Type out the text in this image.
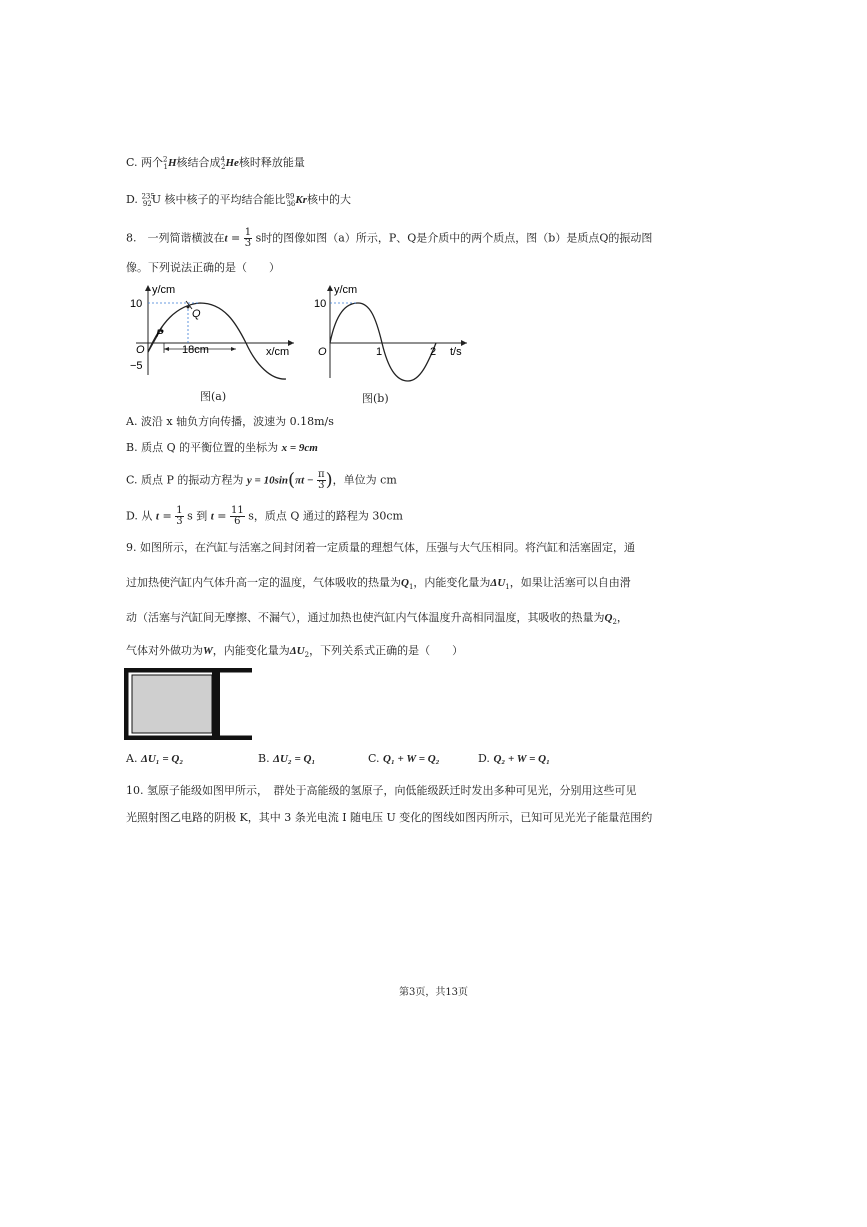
C. 两个$^2_1$H核结合成$^4_2$He核时释放能量
D. $^{235}_{92}$U 核中核子的平均结合能比$^{89}_{36}$Kr核中的大
8.　一列简谐横波在$t = \frac{1}{3}$ s时的图像如图（a）所示，P、Q是介质中的两个质点，图（b）是质点Q的振动图
像。下列说法正确的是（　　）
y/cm
10
−5
O
P
Q
18cm	x/cm
图(a)
y/cm
10
O	1	2 t/s
图(b)
A. 波沿 x 轴负方向传播，波速为 0.18m/s
B. 质点 Q 的平衡位置的坐标为 x = 9cm
C. 质点 P 的振动方程为 $y = 10\sin(\pi t - \frac{\pi}{3}$ )，单位为 cm
D. 从 $t = \frac{1}{3}$ s 到 $t = \frac{11}{6}$ s，质点 Q 通过的路程为 30cm
9. 如图所示，在汽缸与活塞之间封闭着一定质量的理想气体，压强与大气压相同。将汽缸和活塞固定，通
过加热使汽缸内气体升高一定的温度，气体吸收的热量为$Q_1$，内能变化量为$\Delta U_1$，如果让活塞可以自由滑
动（活塞与汽缸间无摩擦、不漏气），通过加热也使汽缸内气体温度升高相同温度，其吸收的热量为$Q_2$，
气体对外做功为W，内能变化量为$\Delta U_2$，下列关系式正确的是（　　）
A. ΔU₁ = Q₂	B. ΔU₂ = Q₁	C. Q₁ + W = Q₂	D. Q₂ + W = Q₁
10. 氢原子能级如图甲所示，　群处于高能级的氢原子，向低能级跃迁时发出多种可见光，分别用这些可见
光照射图乙电路的阴极 K，其中 3 条光电流 I 随电压 U 变化的图线如图丙所示，已知可见光光子能量范围约
第3页，共13页
